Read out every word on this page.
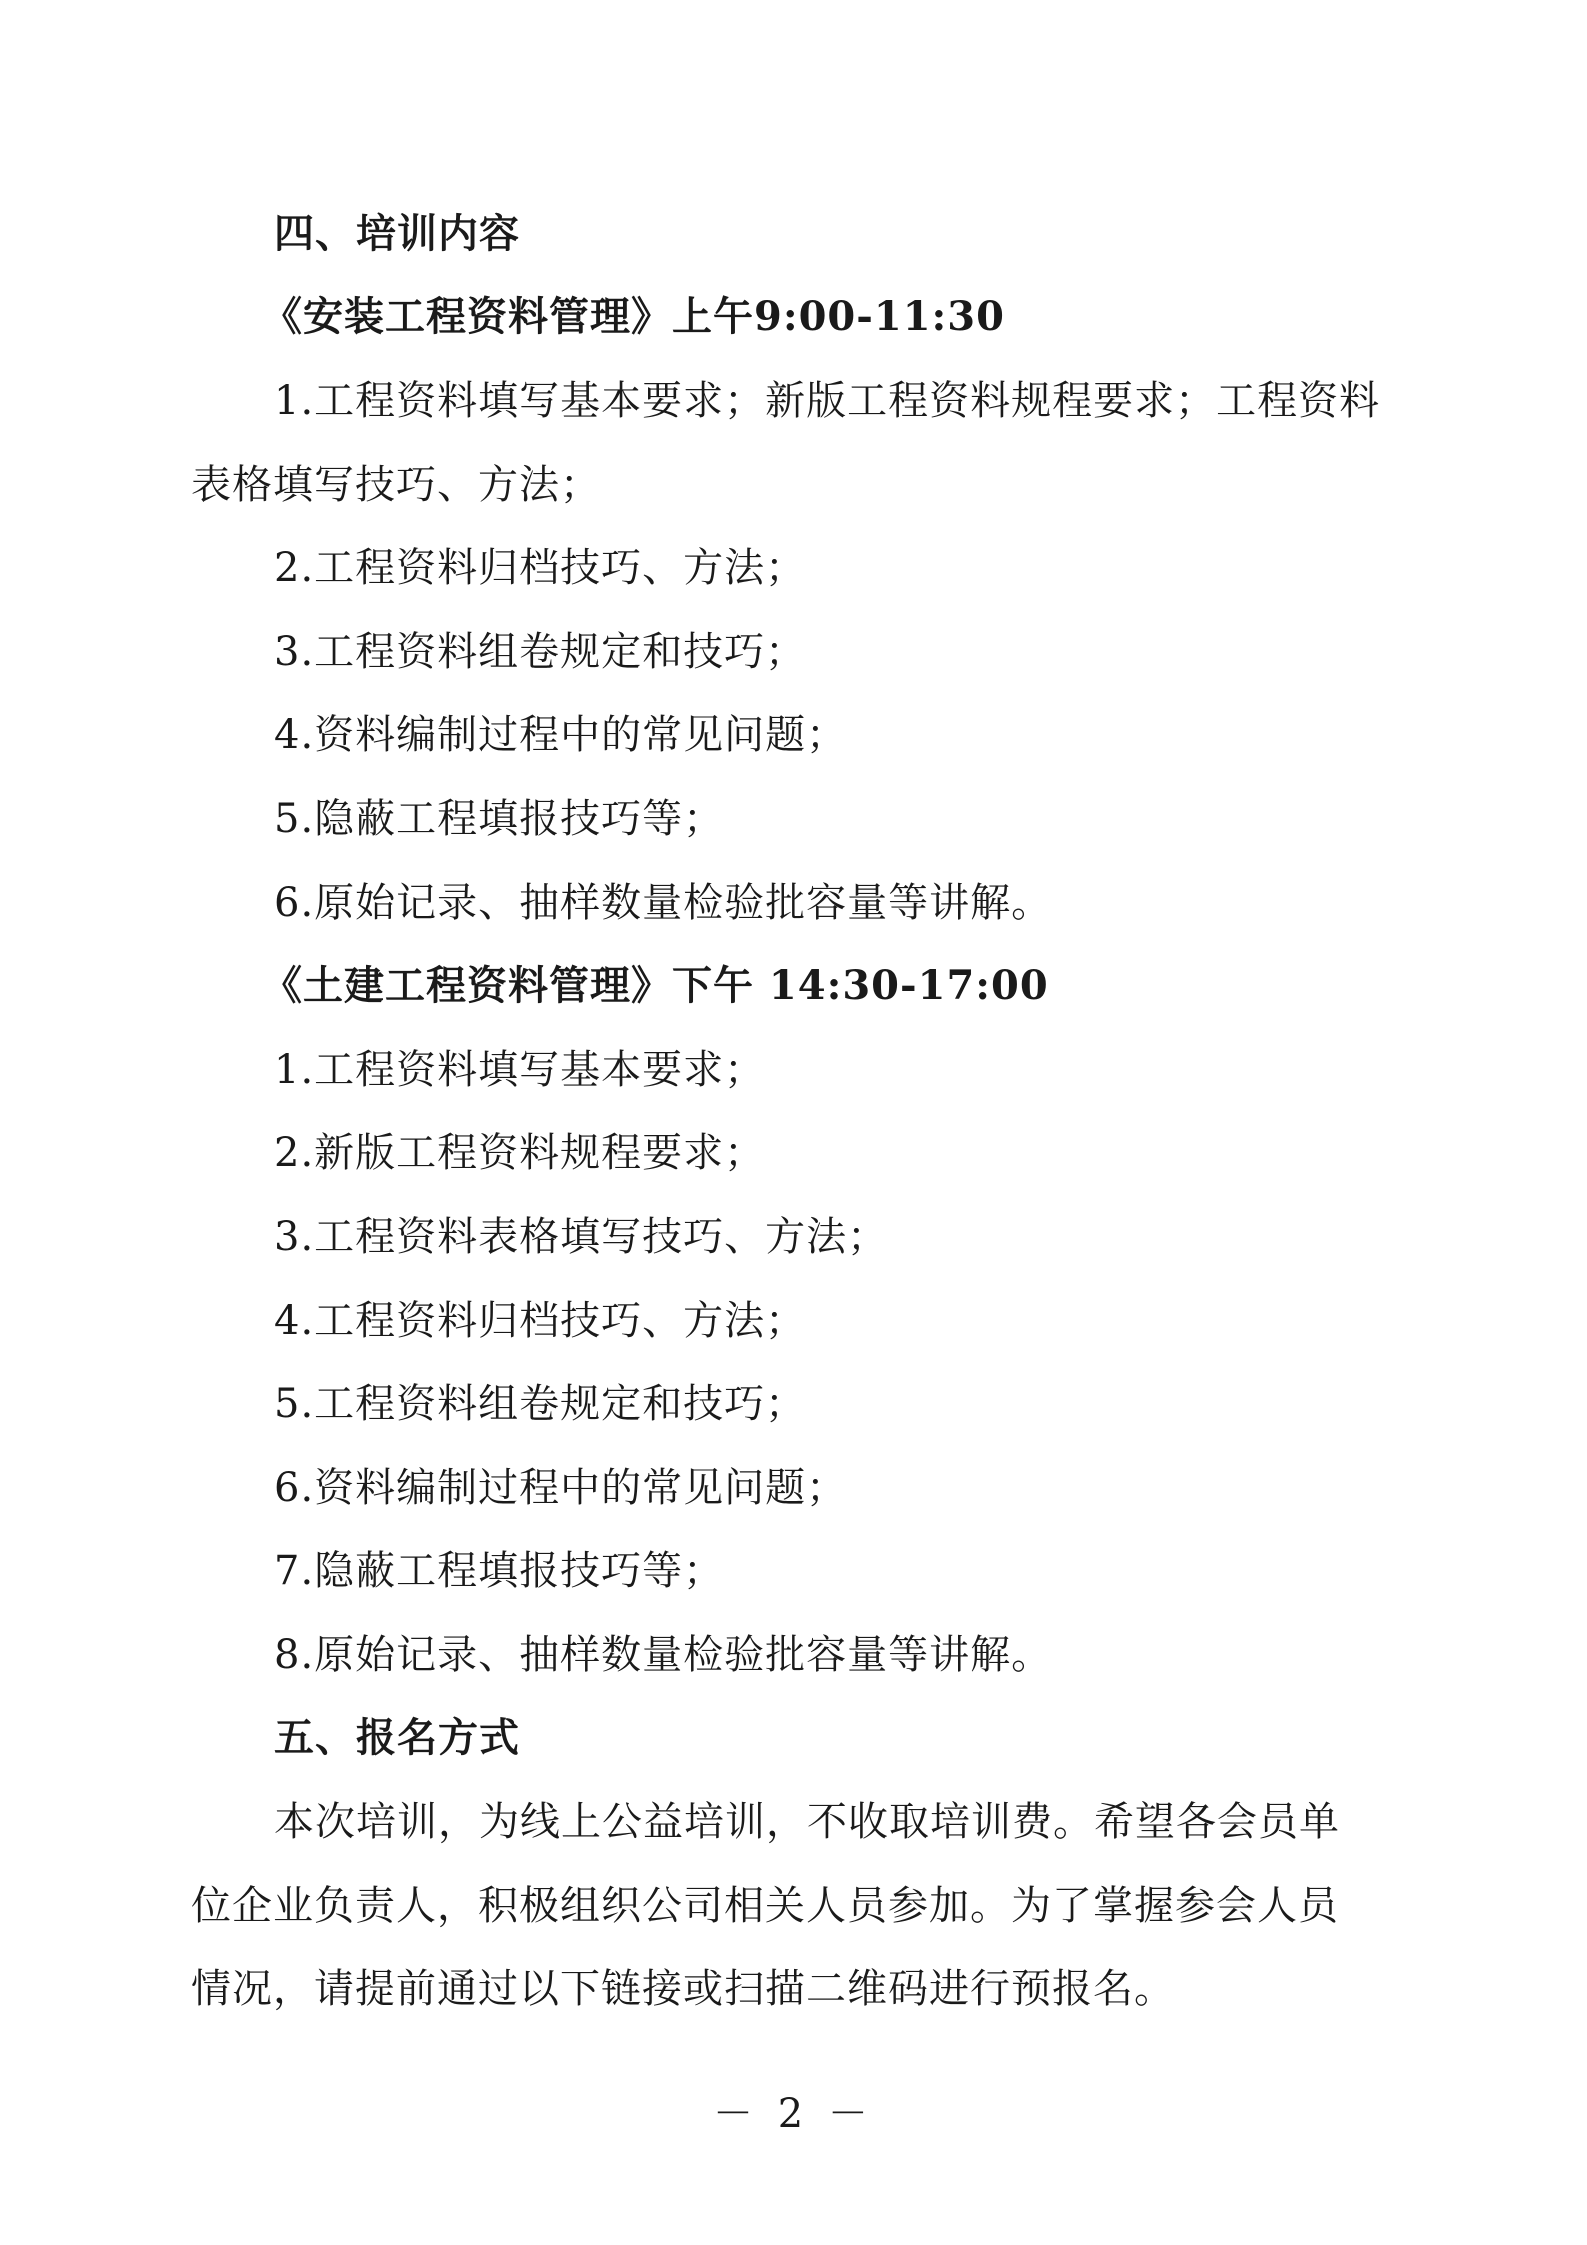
四、培训内容
《安装工程资料管理》上午9:00-11:30
1.工程资料填写基本要求；新版工程资料规程要求；工程资料
表格填写技巧、方法；
2.工程资料归档技巧、方法；
3.工程资料组卷规定和技巧；
4.资料编制过程中的常见问题；
5.隐蔽工程填报技巧等；
6.原始记录、抽样数量检验批容量等讲解。
《土建工程资料管理》下午 14:30-17:00
1.工程资料填写基本要求；
2.新版工程资料规程要求；
3.工程资料表格填写技巧、方法；
4.工程资料归档技巧、方法；
5.工程资料组卷规定和技巧；
6.资料编制过程中的常见问题；
7.隐蔽工程填报技巧等；
8.原始记录、抽样数量检验批容量等讲解。
五、报名方式
本次培训，为线上公益培训，不收取培训费。希望各会员单
位企业负责人，积极组织公司相关人员参加。为了掌握参会人员
情况，请提前通过以下链接或扫描二维码进行预报名。
－ 2 －
